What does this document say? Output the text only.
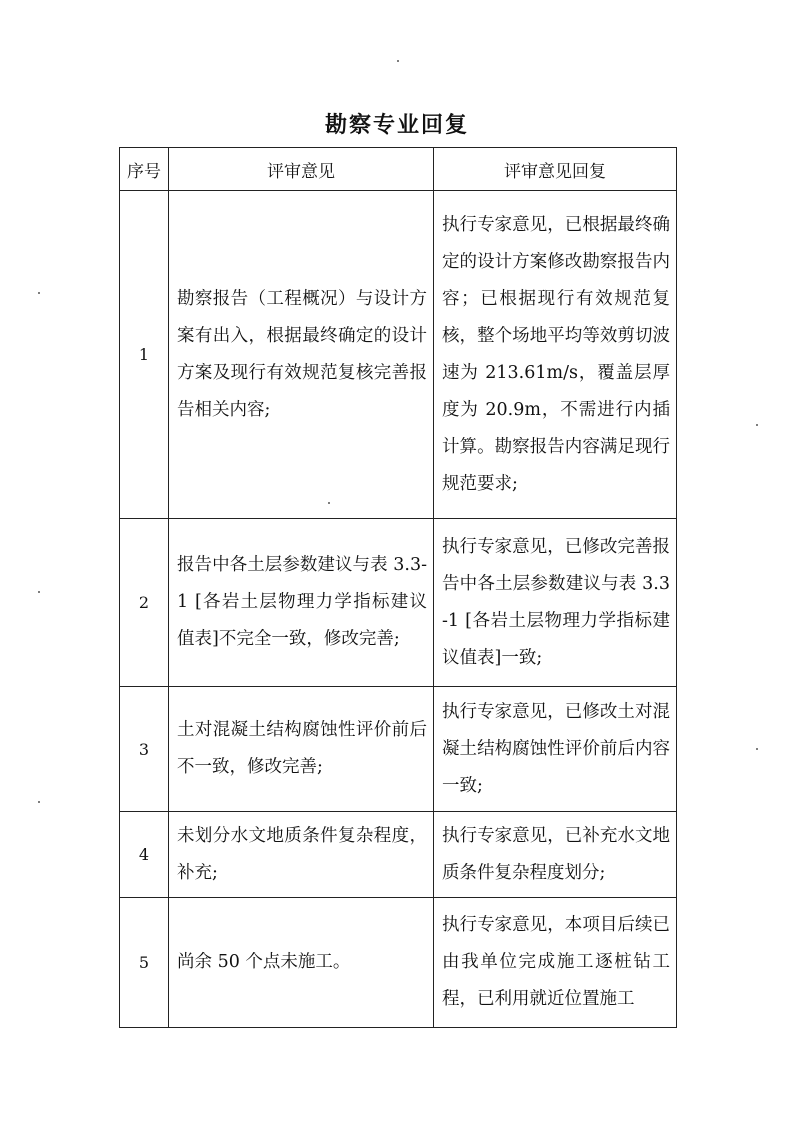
勘察专业回复
序号	评审意见	评审意见回复
1	勘察报告（工程概况）与设计方案有出入，根据最终确定的设计方案及现行有效规范复核完善报告相关内容;	执行专家意见，已根据最终确定的设计方案修改勘察报告内容；已根据现行有效规范复核，整个场地平均等效剪切波速为 213.61m/s，覆盖层厚度为 20.9m，不需进行内插计算。勘察报告内容满足现行规范要求;
2	报告中各土层参数建议与表 3.3-1 [各岩土层物理力学指标建议值表]不完全一致，修改完善;	执行专家意见，已修改完善报告中各土层参数建议与表 3.3-1 [各岩土层物理力学指标建议值表]一致;
3	土对混凝土结构腐蚀性评价前后不一致，修改完善;	执行专家意见，已修改土对混凝土结构腐蚀性评价前后内容一致;
4	未划分水文地质条件复杂程度，补充;	执行专家意见，已补充水文地质条件复杂程度划分;
5	尚余 50 个点未施工。	执行专家意见，本项目后续已由我单位完成施工逐桩钻工程，已利用就近位置施工
